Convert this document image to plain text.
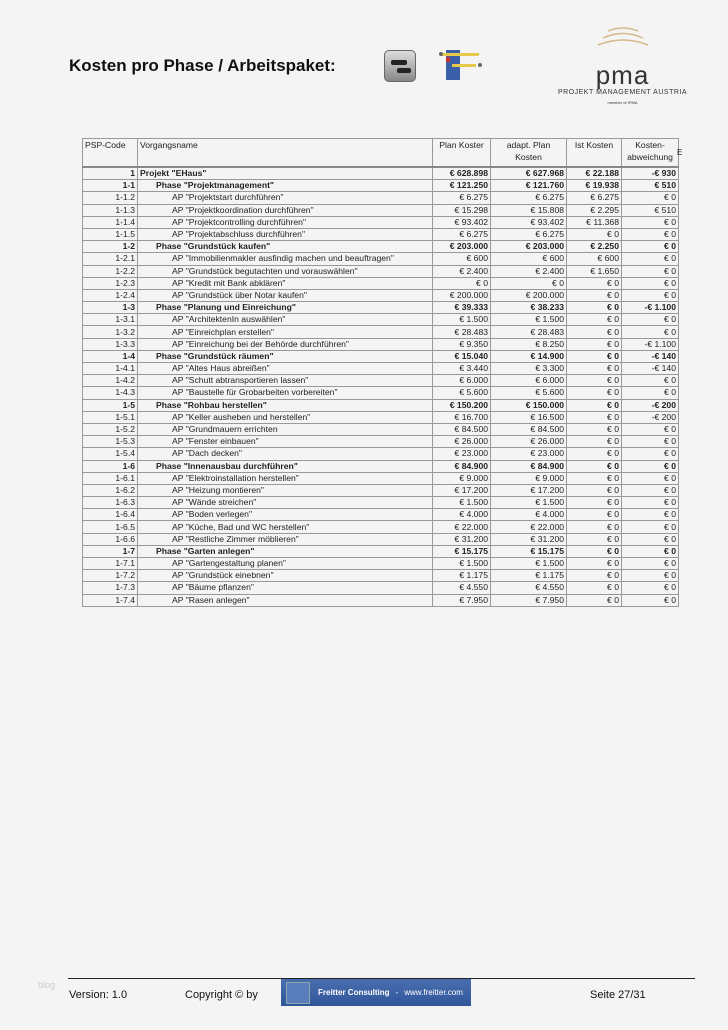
Kosten pro Phase / Arbeitspaket:	pma
PROJEKT MANAGEMENT AUSTRIA
member of IPMA
PSP-Code	Vorgangsname	Plan Koster	adapt. Plan Kosten	Ist Kosten	Kosten-abweichung
1	Projekt "EHaus"	€ 628.898	€ 627.968	€ 22.188	-€ 930
1-1	Phase "Projektmanagement"	€ 121.250	€ 121.760	€ 19.938	€ 510
1-1.2	AP "Projektstart durchführen"	€ 6.275	€ 6.275	€ 6.275	€ 0
1-1.3	AP "Projektkoordination durchführen"	€ 15.298	€ 15.808	€ 2.295	€ 510
1-1.4	AP "Projektcontrolling durchführen"	€ 93.402	€ 93.402	€ 11.368	€ 0
1-1.5	AP "Projektabschluss durchführen"	€ 6.275	€ 6.275	€ 0	€ 0
1-2	Phase "Grundstück kaufen"	€ 203.000	€ 203.000	€ 2.250	€ 0
1-2.1	AP "Immobilienmakler ausfindig machen und beauftragen"	€ 600	€ 600	€ 600	€ 0
1-2.2	AP "Grundstück begutachten und vorauswählen"	€ 2.400	€ 2.400	€ 1.650	€ 0
1-2.3	AP "Kredit mit Bank abklären"	€ 0	€ 0	€ 0	€ 0
1-2.4	AP "Grundstück über Notar kaufen"	€ 200.000	€ 200.000	€ 0	€ 0
1-3	Phase "Planung und Einreichung"	€ 39.333	€ 38.233	€ 0	-€ 1.100
1-3.1	AP "ArchitektenIn auswählen"	€ 1.500	€ 1.500	€ 0	€ 0
1-3.2	AP "Einreichplan erstellen"	€ 28.483	€ 28.483	€ 0	€ 0
1-3.3	AP "Einreichung bei der Behörde durchführen"	€ 9.350	€ 8.250	€ 0	-€ 1.100
1-4	Phase "Grundstück räumen"	€ 15.040	€ 14.900	€ 0	-€ 140
1-4.1	AP "Altes Haus abreißen"	€ 3.440	€ 3.300	€ 0	-€ 140
1-4.2	AP "Schutt abtransportieren lassen"	€ 6.000	€ 6.000	€ 0	€ 0
1-4.3	AP "Baustelle für Grobarbeiten vorbereiten"	€ 5.600	€ 5.600	€ 0	€ 0
1-5	Phase "Rohbau herstellen"	€ 150.200	€ 150.000	€ 0	-€ 200
1-5.1	AP "Keller ausheben und herstellen"	€ 16.700	€ 16.500	€ 0	-€ 200
1-5.2	AP "Grundmauern errichten	€ 84.500	€ 84.500	€ 0	€ 0
1-5.3	AP "Fenster einbauen"	€ 26.000	€ 26.000	€ 0	€ 0
1-5.4	AP "Dach decken"	€ 23.000	€ 23.000	€ 0	€ 0
1-6	Phase "Innenausbau durchführen"	€ 84.900	€ 84.900	€ 0	€ 0
1-6.1	AP "Elektroinstallation herstellen"	€ 9.000	€ 9.000	€ 0	€ 0
1-6.2	AP "Heizung montieren"	€ 17.200	€ 17.200	€ 0	€ 0
1-6.3	AP "Wände streichen"	€ 1.500	€ 1.500	€ 0	€ 0
1-6.4	AP "Boden verlegen"	€ 4.000	€ 4.000	€ 0	€ 0
1-6.5	AP "Küche, Bad und WC herstellen"	€ 22.000	€ 22.000	€ 0	€ 0
1-6.6	AP "Restliche Zimmer möblieren"	€ 31.200	€ 31.200	€ 0	€ 0
1-7	Phase "Garten anlegen"	€ 15.175	€ 15.175	€ 0	€ 0
1-7.1	AP "Gartengestaltung planen"	€ 1.500	€ 1.500	€ 0	€ 0
1-7.2	AP "Grundstück einebnen"	€ 1.175	€ 1.175	€ 0	€ 0
1-7.3	AP "Bäume pflanzen"	€ 4.550	€ 4.550	€ 0	€ 0
1-7.4	AP "Rasen anlegen"	€ 7.950	€ 7.950	€ 0	€ 0
E
blog
Version: 1.0	Copyright © by	Freitter Consulting - www.freitter.com	Seite 27/31
